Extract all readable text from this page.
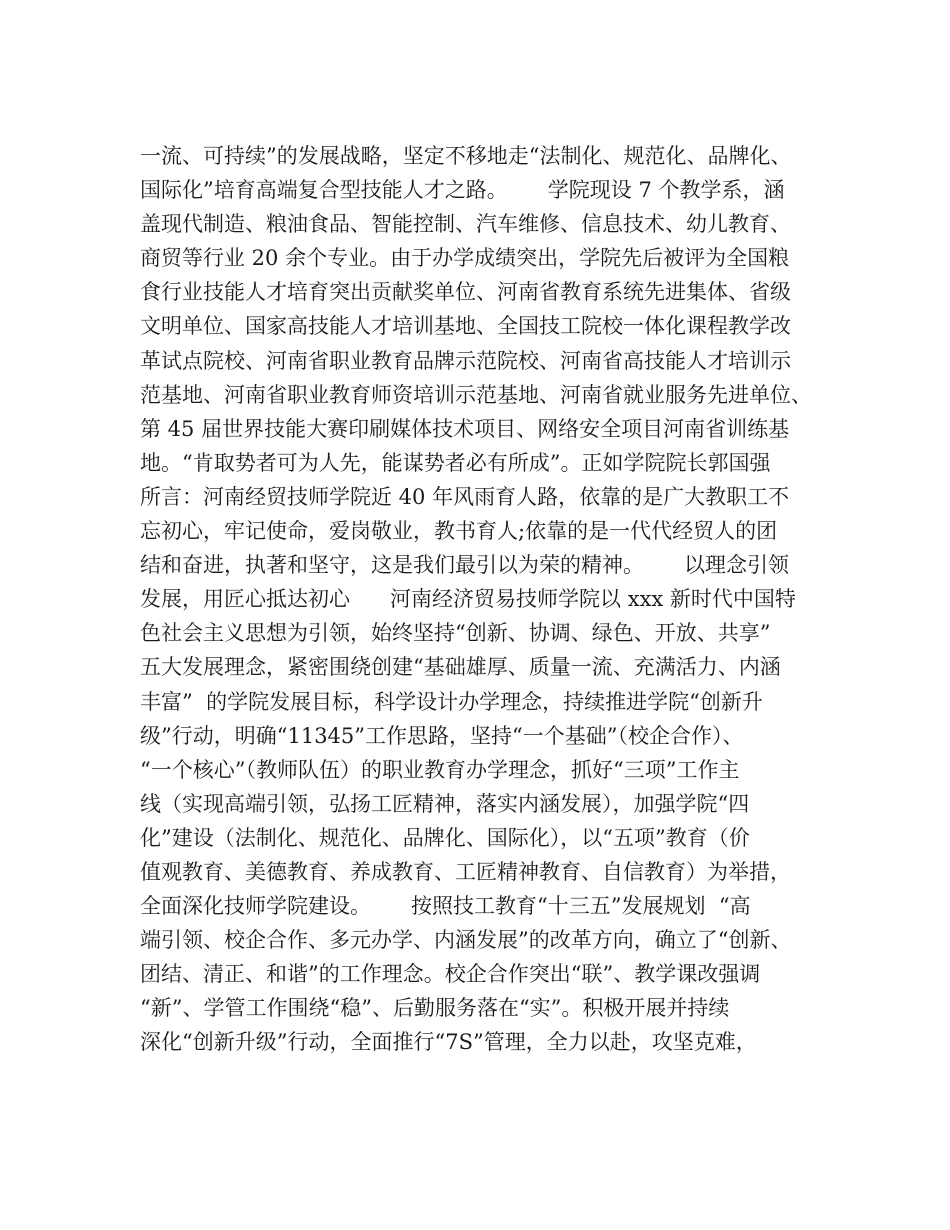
一流、可持续”的发展战略，坚定不移地走“法制化、规范化、品牌化、
国际化”培育高端复合型技能人才之路。      学院现设 7 个教学系，涵
盖现代制造、粮油食品、智能控制、汽车维修、信息技术、幼儿教育、
商贸等行业 20 余个专业。由于办学成绩突出，学院先后被评为全国粮
食行业技能人才培育突出贡献奖单位、河南省教育系统先进集体、省级
文明单位、国家高技能人才培训基地、全国技工院校一体化课程教学改
革试点院校、河南省职业教育品牌示范院校、河南省高技能人才培训示
范基地、河南省职业教育师资培训示范基地、河南省就业服务先进单位、
第 45 届世界技能大赛印刷媒体技术项目、网络安全项目河南省训练基
地。“肯取势者可为人先，能谋势者必有所成”。正如学院院长郭国强
所言：河南经贸技师学院近 40 年风雨育人路，依靠的是广大教职工不
忘初心，牢记使命，爱岗敬业，教书育人;依靠的是一代代经贸人的团
结和奋进，执著和坚守，这是我们最引以为荣的精神。      以理念引领
发展，用匠心抵达初心      河南经济贸易技师学院以 xxx 新时代中国特
色社会主义思想为引领，始终坚持“创新、协调、绿色、开放、共享”
五大发展理念，紧密围绕创建“基础雄厚、质量一流、充满活力、内涵
丰富”  的学院发展目标，科学设计办学理念，持续推进学院“创新升
级”行动，明确“11345”工作思路，坚持“一个基础”（校企合作）、
“一个核心”（教师队伍）的职业教育办学理念，抓好“三项”工作主
线（实现高端引领，弘扬工匠精神，落实内涵发展），加强学院“四
化”建设（法制化、规范化、品牌化、国际化），以“五项”教育（价
值观教育、美德教育、养成教育、工匠精神教育、自信教育）为举措，
全面深化技师学院建设。      按照技工教育“十三五”发展规划  “高
端引领、校企合作、多元办学、内涵发展”的改革方向，确立了“创新、
团结、清正、和谐”的工作理念。校企合作突出“联”、教学课改强调
“新”、学管工作围绕“稳”、后勤服务落在“实”。积极开展并持续
深化“创新升级”行动，全面推行“7S”管理，全力以赴，攻坚克难，
